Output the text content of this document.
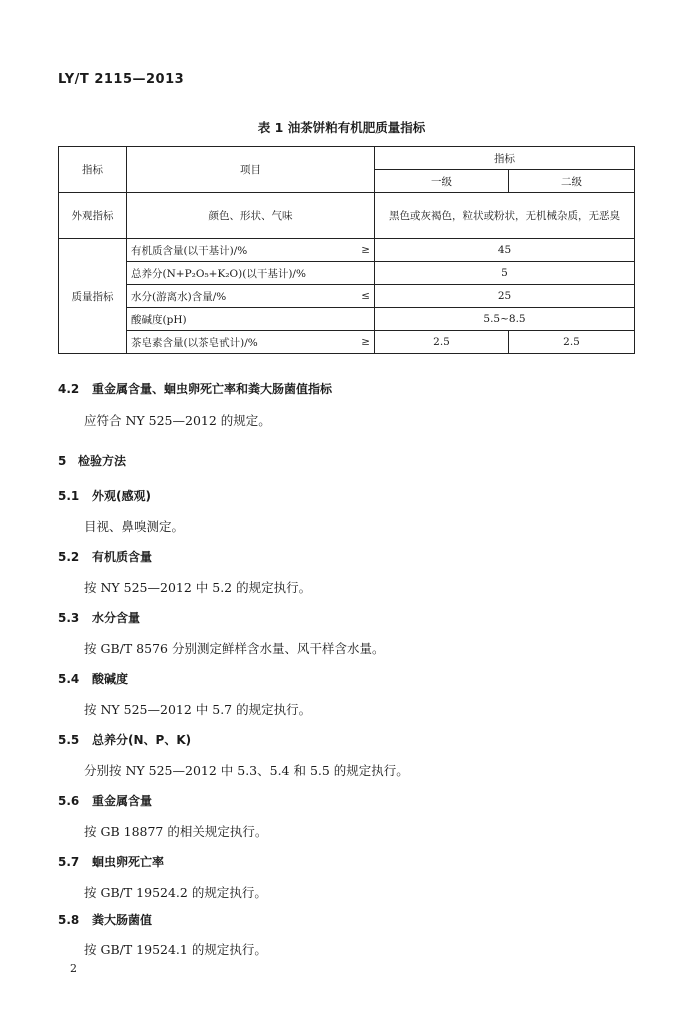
LY/T 2115—2013
表 1 油茶饼粕有机肥质量指标
指标	项目	指标	
		一级	二级
外观指标	颜色、形状、气味	黑色或灰褐色，粒状或粉状，无机械杂质，无恶臭	
质量指标	有机质含量(以干基计)/% ≥	45	

	总养分(N+P₂O₅+K₂O)(以干基计)/%	5	

	水分(游离水)含量/% ≤	25	

	酸碱度(pH)	5.5~8.5	

	茶皂素含量(以茶皂甙计)/% ≥	2.5	2.5
4.2 重金属含量、蛔虫卵死亡率和粪大肠菌值指标
应符合 NY 525—2012 的规定。
5 检验方法
5.1 外观(感观)
目视、鼻嗅测定。
5.2 有机质含量
按 NY 525—2012 中 5.2 的规定执行。
5.3 水分含量
按 GB/T 8576 分别测定鲜样含水量、风干样含水量。
5.4 酸碱度
按 NY 525—2012 中 5.7 的规定执行。
5.5 总养分(N、P、K)
分别按 NY 525—2012 中 5.3、5.4 和 5.5 的规定执行。
5.6 重金属含量
按 GB 18877 的相关规定执行。
5.7 蛔虫卵死亡率
按 GB/T 19524.2 的规定执行。
5.8 粪大肠菌值
按 GB/T 19524.1 的规定执行。
2
